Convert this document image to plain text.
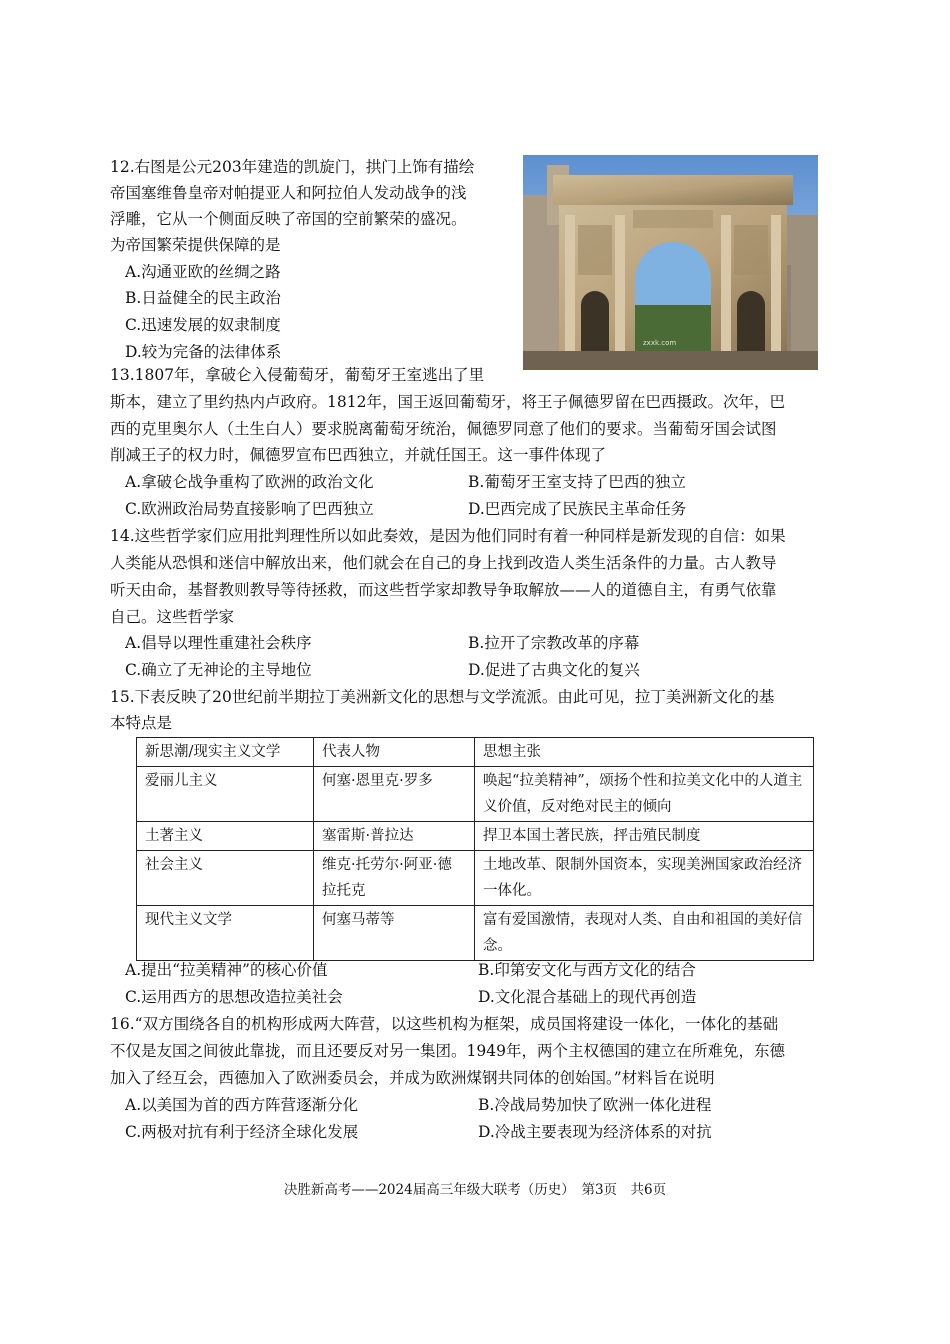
12.右图是公元203年建造的凯旋门，拱门上饰有描绘
帝国塞维鲁皇帝对帕提亚人和阿拉伯人发动战争的浅
浮雕，它从一个侧面反映了帝国的空前繁荣的盛况。
为帝国繁荣提供保障的是
A.沟通亚欧的丝绸之路
B.日益健全的民主政治
C.迅速发展的奴隶制度
D.较为完备的法律体系	zxxk.com
13.1807年，拿破仑入侵葡萄牙，葡萄牙王室逃出了里
斯本，建立了里约热内卢政府。1812年，国王返回葡萄牙，将王子佩德罗留在巴西摄政。次年，巴
西的克里奥尔人（土生白人）要求脱离葡萄牙统治，佩德罗同意了他们的要求。当葡萄牙国会试图
削减王子的权力时，佩德罗宣布巴西独立，并就任国王。这一事件体现了
A.拿破仑战争重构了欧洲的政治文化	B.葡萄牙王室支持了巴西的独立
C.欧洲政治局势直接影响了巴西独立	D.巴西完成了民族民主革命任务
14.这些哲学家们应用批判理性所以如此奏效，是因为他们同时有着一种同样是新发现的自信：如果
人类能从恐惧和迷信中解放出来，他们就会在自己的身上找到改造人类生活条件的力量。古人教导
听天由命，基督教则教导等待拯救，而这些哲学家却教导争取解放——人的道德自主，有勇气依靠
自己。这些哲学家
A.倡导以理性重建社会秩序	B.拉开了宗教改革的序幕
C.确立了无神论的主导地位	D.促进了古典文化的复兴
15.下表反映了20世纪前半期拉丁美洲新文化的思想与文学流派。由此可见，拉丁美洲新文化的基
本特点是
新思潮/现实主义文学	代表人物	思想主张
爱丽儿主义	何塞·恩里克·罗多	唤起“拉美精神”，颂扬个性和拉美文化中的人道主义价值，反对绝对民主的倾向
土著主义	塞雷斯·普拉达	捍卫本国土著民族，抨击殖民制度
社会主义	维克·托劳尔·阿亚·德拉托克	土地改革、限制外国资本，实现美洲国家政治经济一体化。
现代主义文学	何塞马蒂等	富有爱国激情，表现对人类、自由和祖国的美好信念。
A.提出“拉美精神”的核心价值	B.印第安文化与西方文化的结合
C.运用西方的思想改造拉美社会	D.文化混合基础上的现代再创造
16.“双方围绕各自的机构形成两大阵营，以这些机构为框架，成员国将建设一体化，一体化的基础
不仅是友国之间彼此靠拢，而且还要反对另一集团。1949年，两个主权德国的建立在所难免，东德
加入了经互会，西德加入了欧洲委员会，并成为欧洲煤钢共同体的创始国。”材料旨在说明
A.以美国为首的西方阵营逐渐分化	B.冷战局势加快了欧洲一体化进程
C.两极对抗有利于经济全球化发展	D.冷战主要表现为经济体系的对抗
决胜新高考——2024届高三年级大联考（历史）　第3页　共6页
